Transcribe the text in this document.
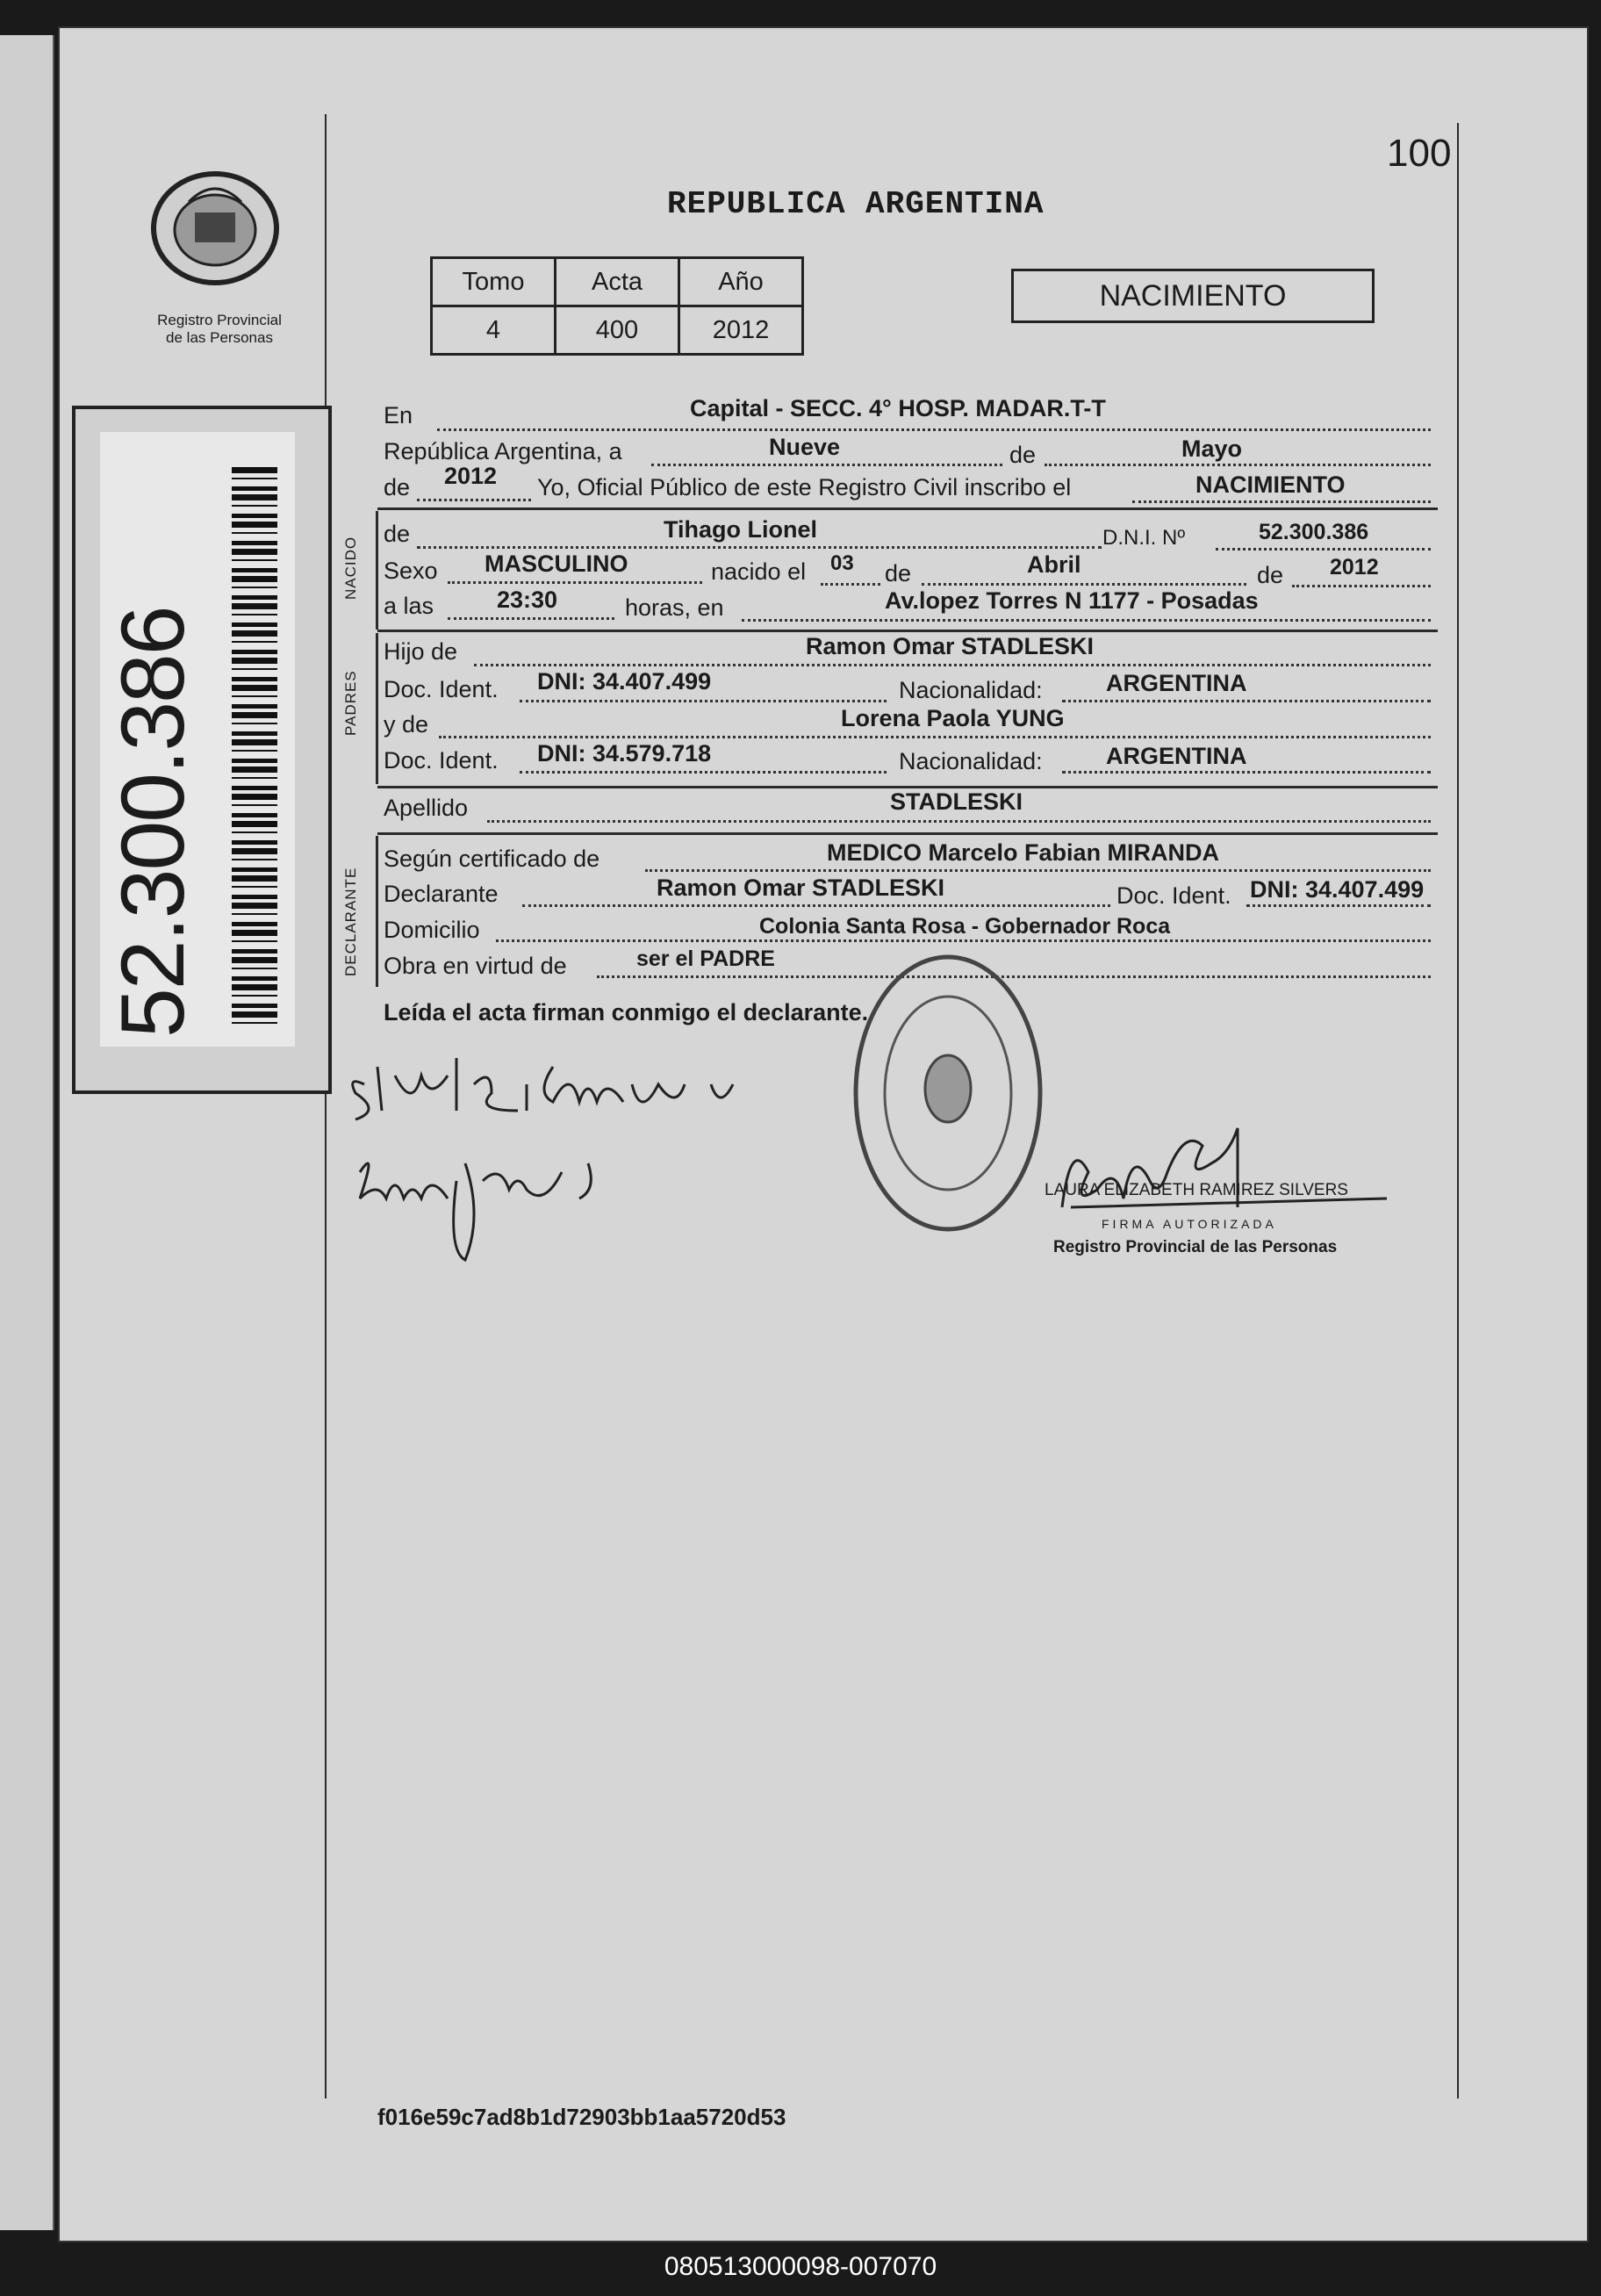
100
REPUBLICA ARGENTINA
Registro Provincial
de las Personas
52.300.386
Tomo	Acta	Año
4	400	2012
NACIMIENTO
NACIDO
PADRES
DECLARANTE
En	Capital - SECC. 4° HOSP. MADAR.T-T
República Argentina, a	Nueve	de	Mayo
de 2012 Yo, Oficial Público de este Registro Civil inscribo el	NACIMIENTO
de	Tihago Lionel	D.N.I. Nº	52.300.386
Sexo MASCULINO	nacido el 03 de	Abril	de 2012
a las	23:30	horas, en	Av.lopez Torres N 1177 - Posadas
Hijo de	Ramon Omar STADLESKI
Doc. Ident. DNI: 34.407.499	Nacionalidad:	ARGENTINA
y de	Lorena Paola YUNG
Doc. Ident. DNI: 34.579.718	Nacionalidad:	ARGENTINA
Apellido	STADLESKI
Según certificado de	MEDICO Marcelo Fabian MIRANDA
Declarante	Ramon Omar STADLESKI	Doc. Ident. DNI: 34.407.499
Domicilio	Colonia Santa Rosa - Gobernador Roca
Obra en virtud de	ser el PADRE
Leída el acta firman conmigo el declarante.
LAURA ELIZABETH RAMIREZ SILVERS
FIRMA AUTORIZADA
Registro Provincial de las Personas
f016e59c7ad8b1d72903bb1aa5720d53
080513000098-007070
